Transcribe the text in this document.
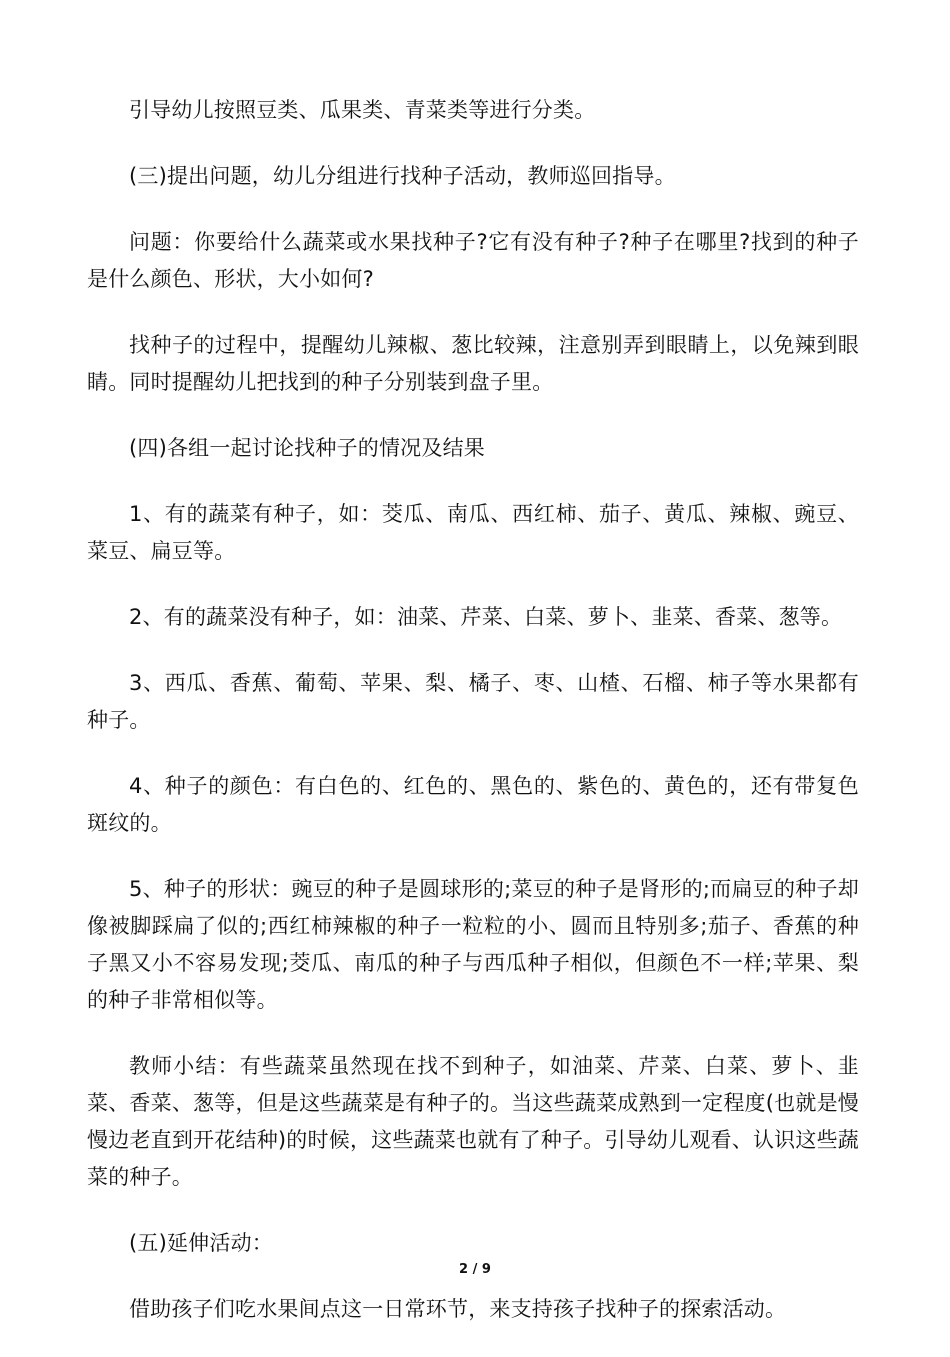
引导幼儿按照豆类、瓜果类、青菜类等进行分类。

(三)提出问题，幼儿分组进行找种子活动，教师巡回指导。

问题：你要给什么蔬菜或水果找种子?它有没有种子?种子在哪里?找到的种子是什么颜色、形状，大小如何?

找种子的过程中，提醒幼儿辣椒、葱比较辣，注意别弄到眼睛上，以免辣到眼睛。同时提醒幼儿把找到的种子分别装到盘子里。

(四)各组一起讨论找种子的情况及结果

1、有的蔬菜有种子，如：茭瓜、南瓜、西红柿、茄子、黄瓜、辣椒、豌豆、菜豆、扁豆等。

2、有的蔬菜没有种子，如：油菜、芹菜、白菜、萝卜、韭菜、香菜、葱等。

3、西瓜、香蕉、葡萄、苹果、梨、橘子、枣、山楂、石榴、柿子等水果都有种子。

4、种子的颜色：有白色的、红色的、黑色的、紫色的、黄色的，还有带复色斑纹的。

5、种子的形状：豌豆的种子是圆球形的;菜豆的种子是肾形的;而扁豆的种子却像被脚踩扁了似的;西红柿辣椒的种子一粒粒的小、圆而且特别多;茄子、香蕉的种子黑又小不容易发现;茭瓜、南瓜的种子与西瓜种子相似，但颜色不一样;苹果、梨的种子非常相似等。

教师小结：有些蔬菜虽然现在找不到种子，如油菜、芹菜、白菜、萝卜、韭菜、香菜、葱等，但是这些蔬菜是有种子的。当这些蔬菜成熟到一定程度(也就是慢慢边老直到开花结种)的时候，这些蔬菜也就有了种子。引导幼儿观看、认识这些蔬菜的种子。

(五)延伸活动：

借助孩子们吃水果间点这一日常环节，来支持孩子找种子的探索活动。

2 / 9
